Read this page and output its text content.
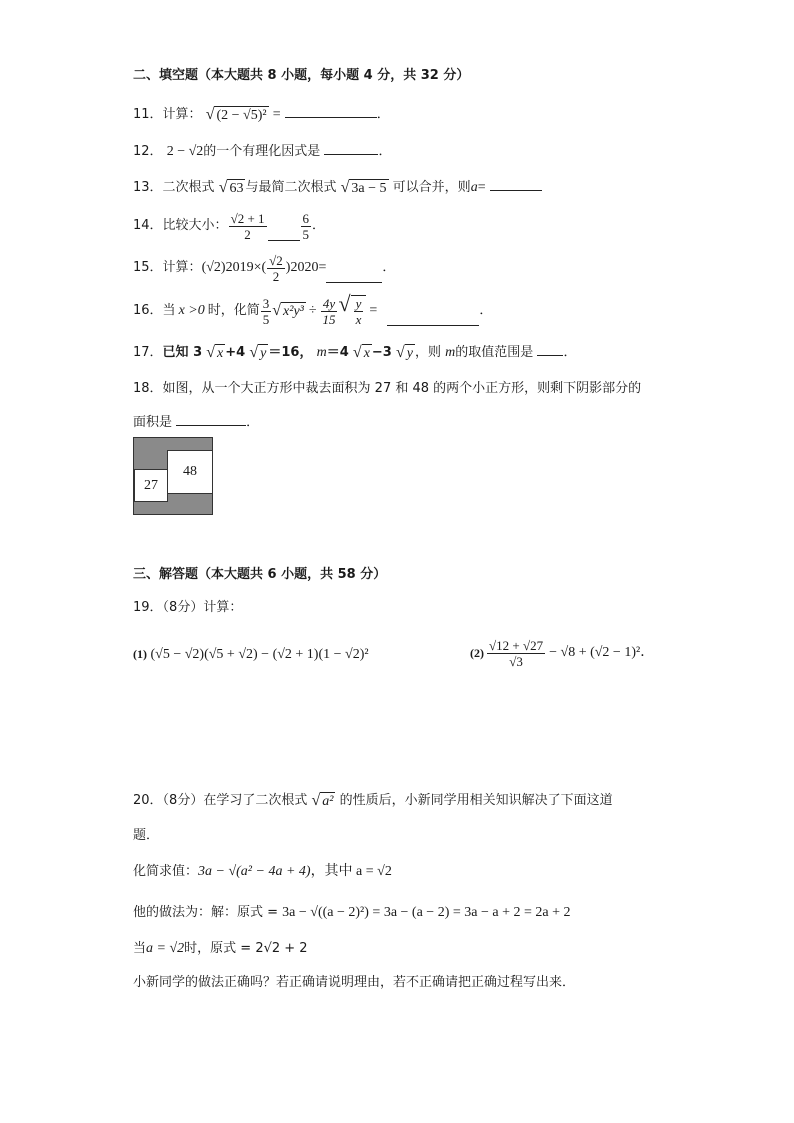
二、填空题（本大题共 8 小题，每小题 4 分，共 32 分）
11．计算： √ (2 − √5)² =	．
12． 2 − √2的一个有理化因式是	．
13．二次根式 √ 63 与最简二次根式 √ 3a − 5 可以合并，则a=
14． 比较大小： $\frac{√2 + 1}{2}$	$\frac{6}{5}$ ．
15． 计算： (√2) 2019 ×( $\frac{√2}{2}$ ) 2020 =	．
16． 当 x >0 时，化简 $\frac{3}{5}$ √ $x^2y^3 \div \frac{4y}{15}$ √ $\frac{y}{x}$ =	．
17．已知 3 √ x +4 √ y ＝16， m＝4 √ x −3 √ y ，则 m的取值范围是 ．
18．如图，从一个大正方形中裁去面积为 27 和 48 的两个小正方形，则剩下阴影部分的
面积是	．
27
48
三、解答题（本大题共 6 小题，共 58 分）
19．（8分）计算：
(1) (√5 − √2)(√5 + √2) − (√2 + 1)(1 − √2)²	$(2) \frac{√12 + √27}{√3} - √8 + (√2 - 1)^2$ ．
20．（8分）在学习了二次根式 √ a² 的性质后，小新同学用相关知识解决了下面这道
题．
化简求值：3a − √(a² − 4a + 4)，其中 a = √2
他的做法为：解：原式 = 3a − √((a − 2)²) = 3a − (a − 2) = 3a − a + 2 = 2a + 2
当a = √2时，原式 = 2√2 + 2
小新同学的做法正确吗？若正确请说明理由，若不正确请把正确过程写出来．
